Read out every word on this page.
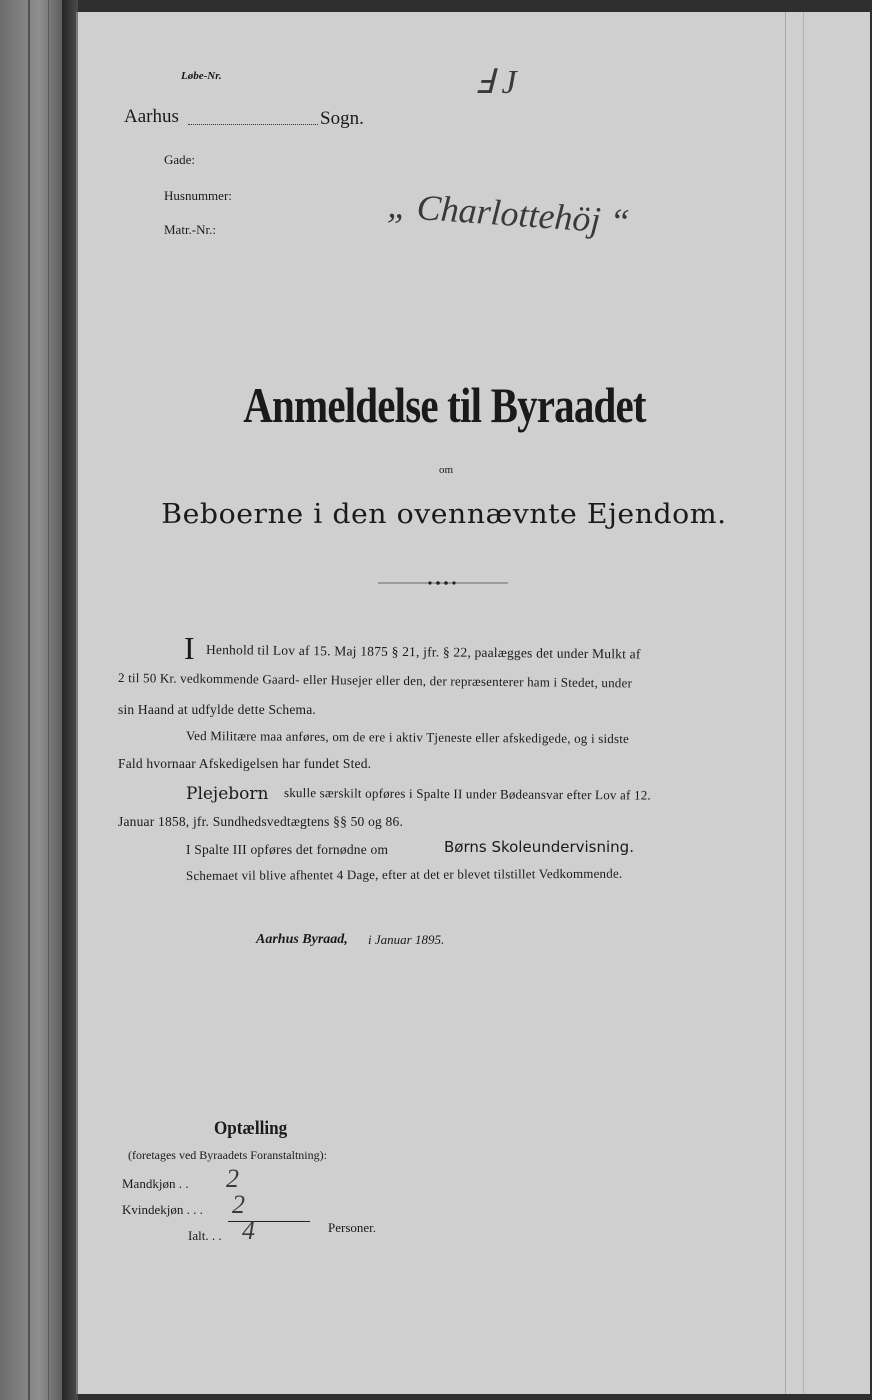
Løbe-Nr.	ℲJ
Aarhus	Sogn.
Gade:
Husnummer:
Matr.-Nr.:	„ Charlottehöj “
Anmeldelse til Byraadet
om
Beboerne i den ovennævnte Ejendom.
I Henhold til Lov af 15. Maj 1875 § 21, jfr. § 22, paalægges det under Mulkt af
2 til 50 Kr. vedkommende Gaard- eller Husejer eller den, der repræsenterer ham i Stedet, under
sin Haand at udfylde dette Schema.
Ved Militære maa anføres, om de ere i aktiv Tjeneste eller afskedigede, og i sidste
Fald hvornaar Afskedigelsen har fundet Sted.
Plejeborn skulle særskilt opføres i Spalte II under Bødeansvar efter Lov af 12.
Januar 1858, jfr. Sundhedsvedtægtens §§ 50 og 86.
I Spalte III opføres det fornødne om	Børns Skoleundervisning.
Schemaet vil blive afhentet 4 Dage, efter at det er blevet tilstillet Vedkommende.
Aarhus Byraad, i Januar 1895.
Optælling
(foretages ved Byraadets Foranstaltning):
Mandkjøn . . 2
Kvindekjøn . . . 2
Ialt. . . 4	Personer.
